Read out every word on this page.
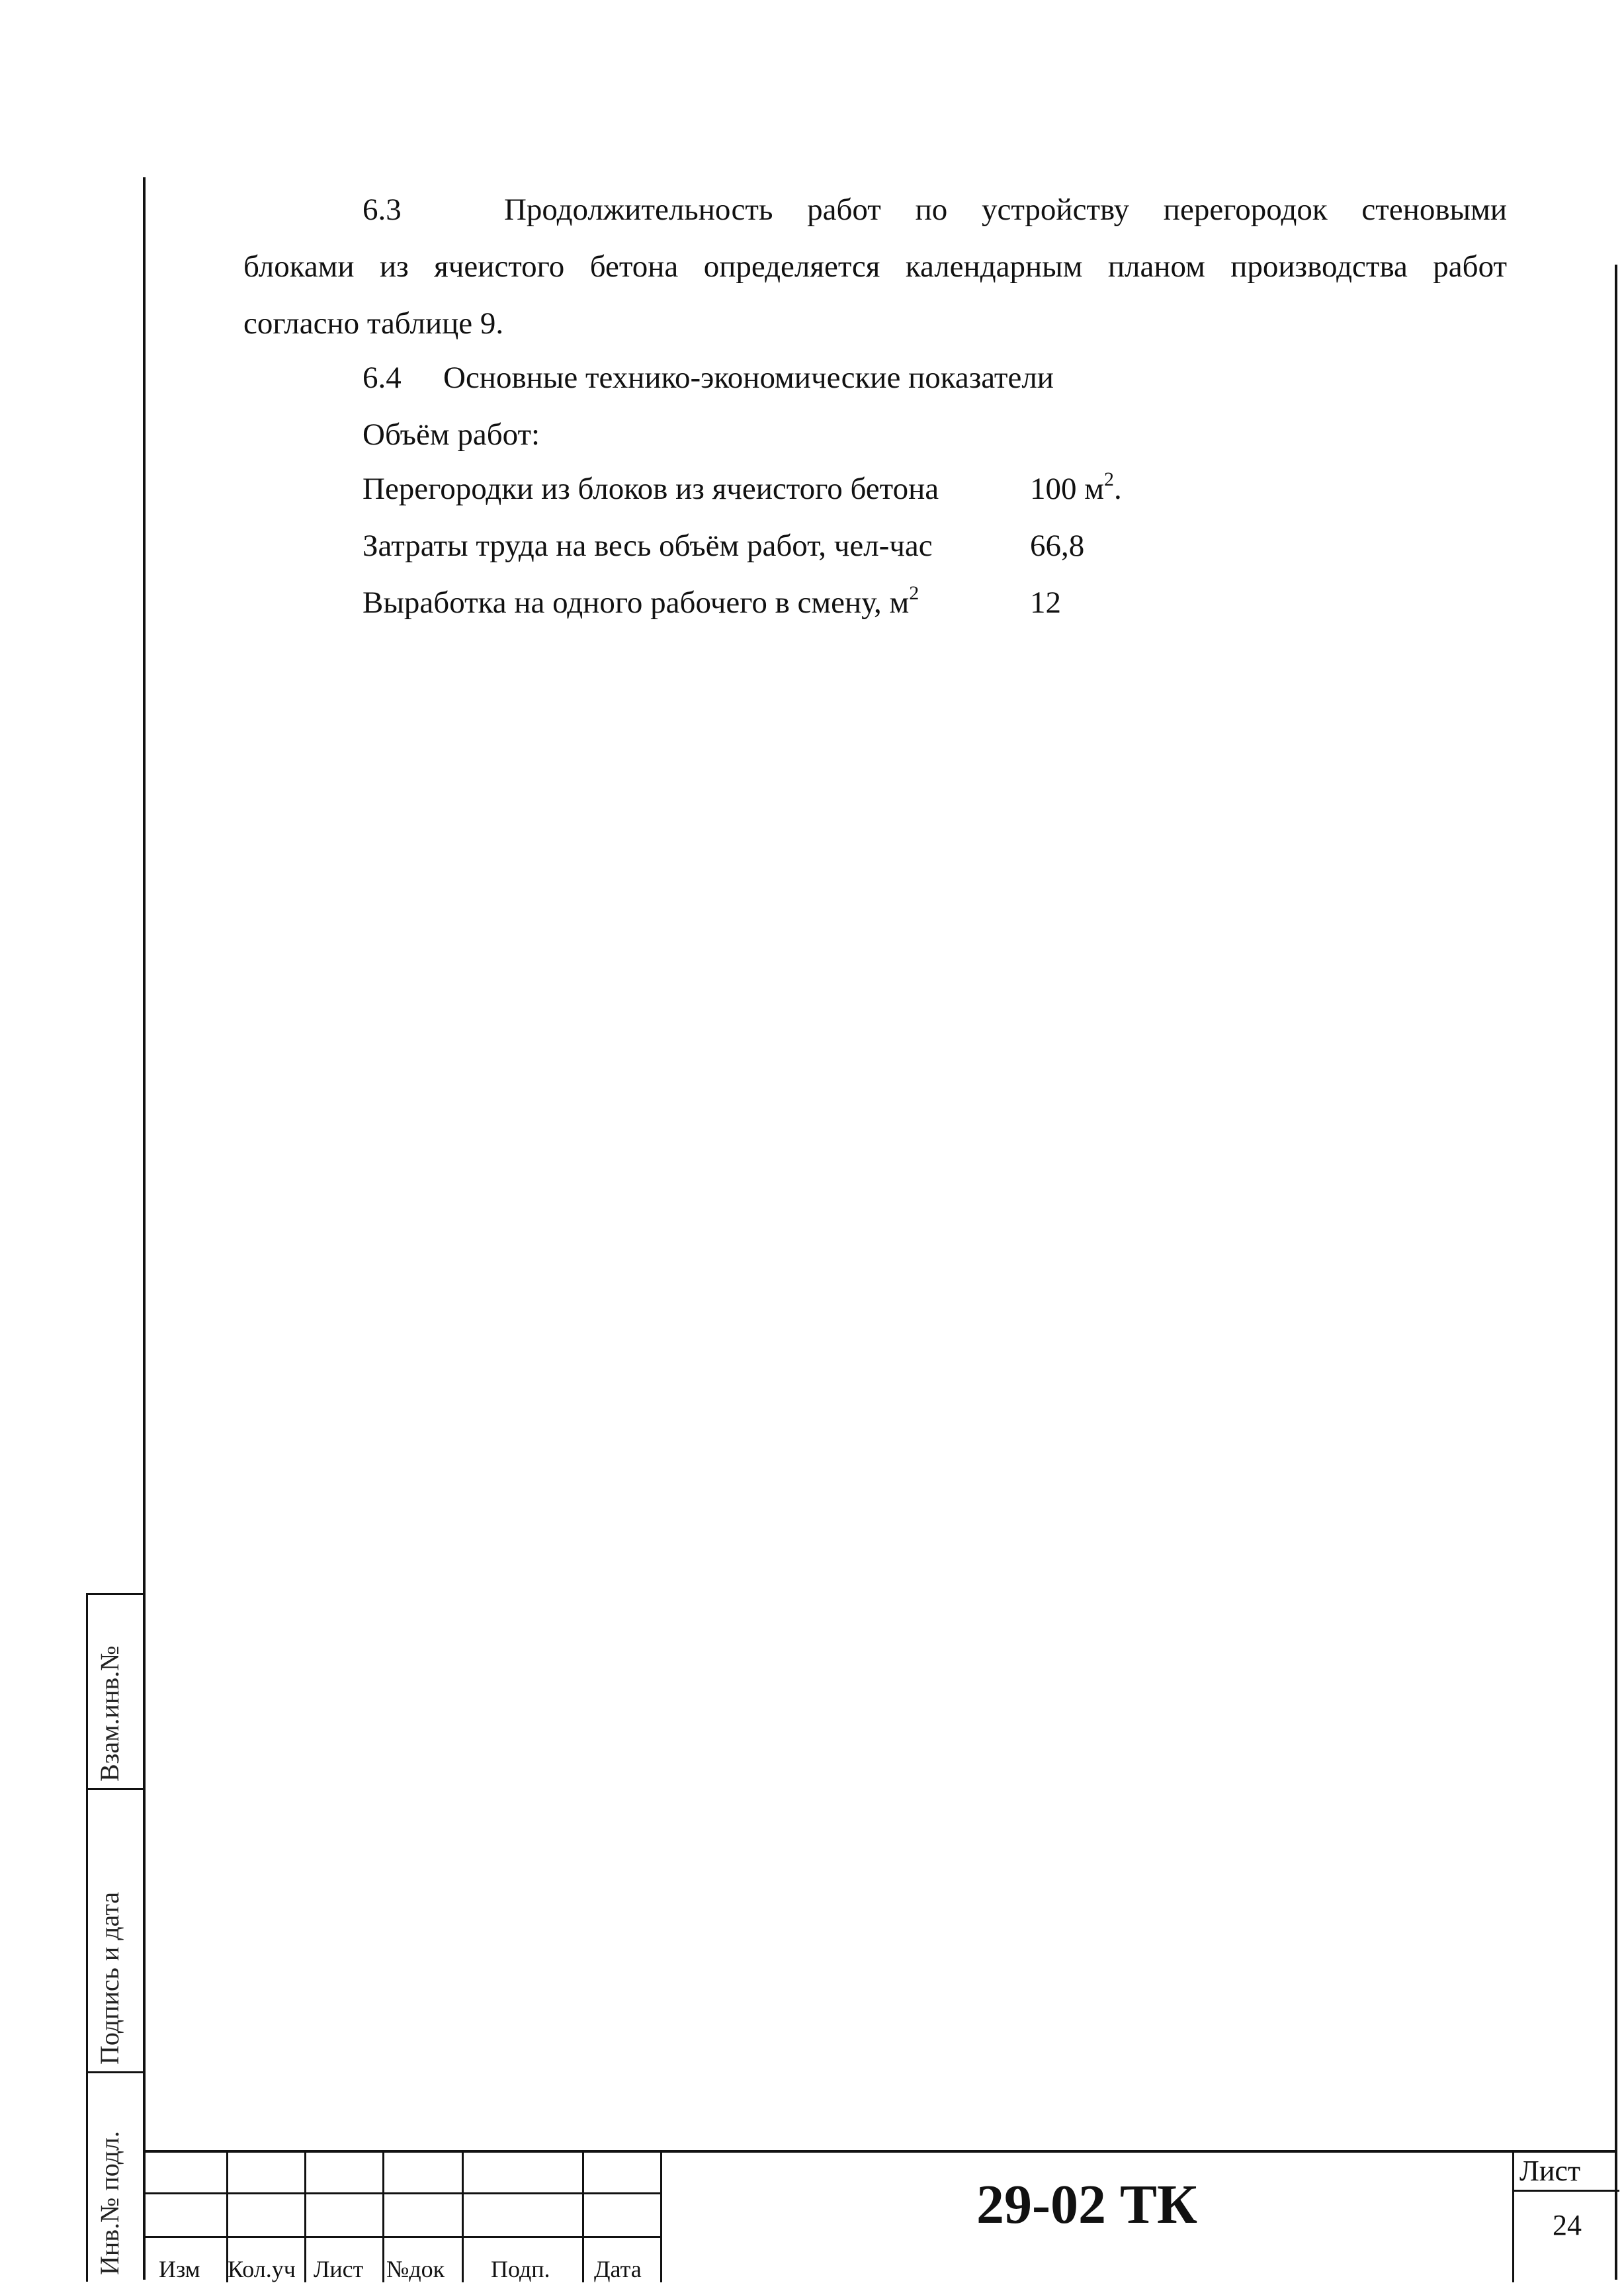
6.3	Продолжительность работ по устройству перегородок стеновыми
блоками из ячеистого бетона определяется календарным планом производства работ
согласно таблице 9.
6.4 Основные технико-экономические показатели
Объём работ:
Перегородки из блоков из ячеистого бетона	100 $м^2$.
Затраты труда на весь объём работ, чел-час	66,8
Выработка на одного рабочего в смену, $м^2$	12
Инв.№ подл.
Подпись и дата
Взам.инв.№
Изм Кол.уч Лист №док Подп. Дата
29-02 ТК
Лист
24
